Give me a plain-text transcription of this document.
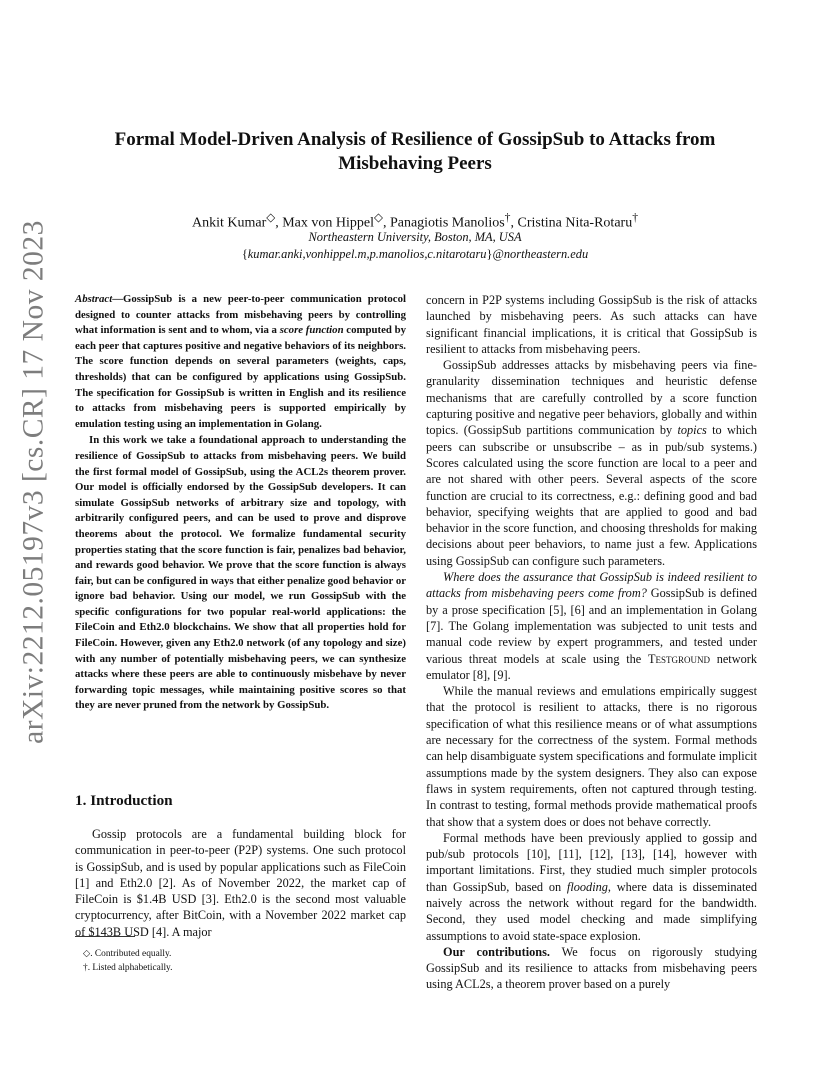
arXiv:2212.05197v3 [cs.CR] 17 Nov 2023
Formal Model-Driven Analysis of Resilience of GossipSub to Attacks from Misbehaving Peers
Ankit Kumar◇, Max von Hippel◇, Panagiotis Manolios†, Cristina Nita-Rotaru†
Northeastern University, Boston, MA, USA
{kumar.anki,vonhippel.m,p.manolios,c.nitarotaru}@northeastern.edu

Abstract—GossipSub is a new peer-to-peer communication protocol designed to counter attacks from misbehaving peers by controlling what information is sent and to whom, via a score function computed by each peer that captures positive and negative behaviors of its neighbors. The score function depends on several parameters (weights, caps, thresholds) that can be configured by applications using GossipSub. The specification for GossipSub is written in English and its resilience to attacks from misbehaving peers is supported empirically by emulation testing using an implementation in Golang.

In this work we take a foundational approach to understanding the resilience of GossipSub to attacks from misbehaving peers. We build the first formal model of GossipSub, using the ACL2s theorem prover. Our model is officially endorsed by the GossipSub developers. It can simulate GossipSub networks of arbitrary size and topology, with arbitrarily configured peers, and can be used to prove and disprove theorems about the protocol. We formalize fundamental security properties stating that the score function is fair, penalizes bad behavior, and rewards good behavior. We prove that the score function is always fair, but can be configured in ways that either penalize good behavior or ignore bad behavior. Using our model, we run GossipSub with the specific configurations for two popular real-world applications: the FileCoin and Eth2.0 blockchains. We show that all properties hold for FileCoin. However, given any Eth2.0 network (of any topology and size) with any number of potentially misbehaving peers, we can synthesize attacks where these peers are able to continuously misbehave by never forwarding topic messages, while maintaining positive scores so that they are never pruned from the network by GossipSub.

1. Introduction

Gossip protocols are a fundamental building block for communication in peer-to-peer (P2P) systems. One such protocol is GossipSub, and is used by popular applications such as FileCoin [1] and Eth2.0 [2]. As of November 2022, the market cap of FileCoin is $1.4B USD [3]. Eth2.0 is the second most valuable cryptocurrency, after BitCoin, with a November 2022 market cap of $143B USD [4]. A major

◇. Contributed equally.
†. Listed alphabetically.

concern in P2P systems including GossipSub is the risk of attacks launched by misbehaving peers. As such attacks can have significant financial implications, it is critical that GossipSub is resilient to attacks from misbehaving peers.

GossipSub addresses attacks by misbehaving peers via fine-granularity dissemination techniques and heuristic defense mechanisms that are carefully controlled by a score function capturing positive and negative peer behaviors, globally and within topics. (GossipSub partitions communication by topics to which peers can subscribe or unsubscribe – as in pub/sub systems.) Scores calculated using the score function are local to a peer and are not shared with other peers. Several aspects of the score function are crucial to its correctness, e.g.: defining good and bad behavior, specifying weights that are applied to good and bad behavior in the score function, and choosing thresholds for making decisions about peer behaviors, to name just a few. Applications using GossipSub can configure such parameters.

Where does the assurance that GossipSub is indeed resilient to attacks from misbehaving peers come from? GossipSub is defined by a prose specification [5], [6] and an implementation in Golang [7]. The Golang implementation was subjected to unit tests and manual code review by expert programmers, and tested under various threat models at scale using the Testground network emulator [8], [9].

While the manual reviews and emulations empirically suggest that the protocol is resilient to attacks, there is no rigorous specification of what this resilience means or of what assumptions are necessary for the correctness of the system. Formal methods can help disambiguate system specifications and formulate implicit assumptions made by the system designers. They also can expose flaws in system requirements, often not captured through testing. In contrast to testing, formal methods provide mathematical proofs that show that a system does or does not behave correctly.

Formal methods have been previously applied to gossip and pub/sub protocols [10], [11], [12], [13], [14], however with important limitations. First, they studied much simpler protocols than GossipSub, based on flooding, where data is disseminated naively across the network without regard for the bandwidth. Second, they used model checking and made simplifying assumptions to avoid state-space explosion.

Our contributions. We focus on rigorously studying GossipSub and its resilience to attacks from misbehaving peers using ACL2s, a theorem prover based on a purely
